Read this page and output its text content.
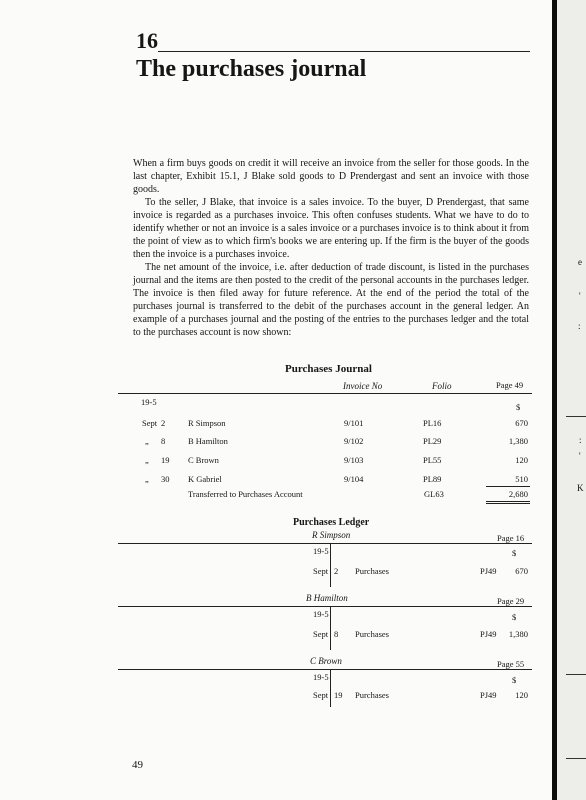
e
'
:
:
'
K
16
The purchases journal

When a firm buys goods on credit it will receive an invoice from the seller for those goods. In the last chapter, Exhibit 15.1, J Blake sold goods to D Prendergast and sent an invoice with those goods.

To the seller, J Blake, that invoice is a sales invoice. To the buyer, D Prendergast, that same invoice is regarded as a purchases invoice. This often confuses students. What we have to do to identify whether or not an invoice is a sales invoice or a purchases invoice is to think about it from the point of view as to which firm's books we are entering up. If the firm is the buyer of the goods then the invoice is a purchases invoice.

The net amount of the invoice, i.e. after deduction of trade discount, is listed in the purchases journal and the items are then posted to the credit of the personal accounts in the purchases ledger. The invoice is then filed away for future reference. At the end of the period the total of the purchases journal is transferred to the debit of the purchases account in the general ledger. An example of a purchases journal and the posting of the entries to the purchases ledger and the total to the purchases account is now shown:

Purchases Journal
Invoice No	Folio	Page 49
19-5	$
Sept 2	R Simpson	9/101	PL16	670
„ 8	B Hamilton	9/102	PL29	1,380
„ 19 C Brown	9/103	PL55	120
„ 30 K Gabriel	9/104	PL89	510
Transferred to Purchases Account	GL63	2,680
Purchases Ledger
R Simpson	Page 16
19-5	$
Sept 2 Purchases	PJ49 670
B Hamilton	Page 29
19-5	$
Sept 8 Purchases	PJ49 1,380
C Brown	Page 55
19-5	$
Sept 19 Purchases	PJ49 120
49
